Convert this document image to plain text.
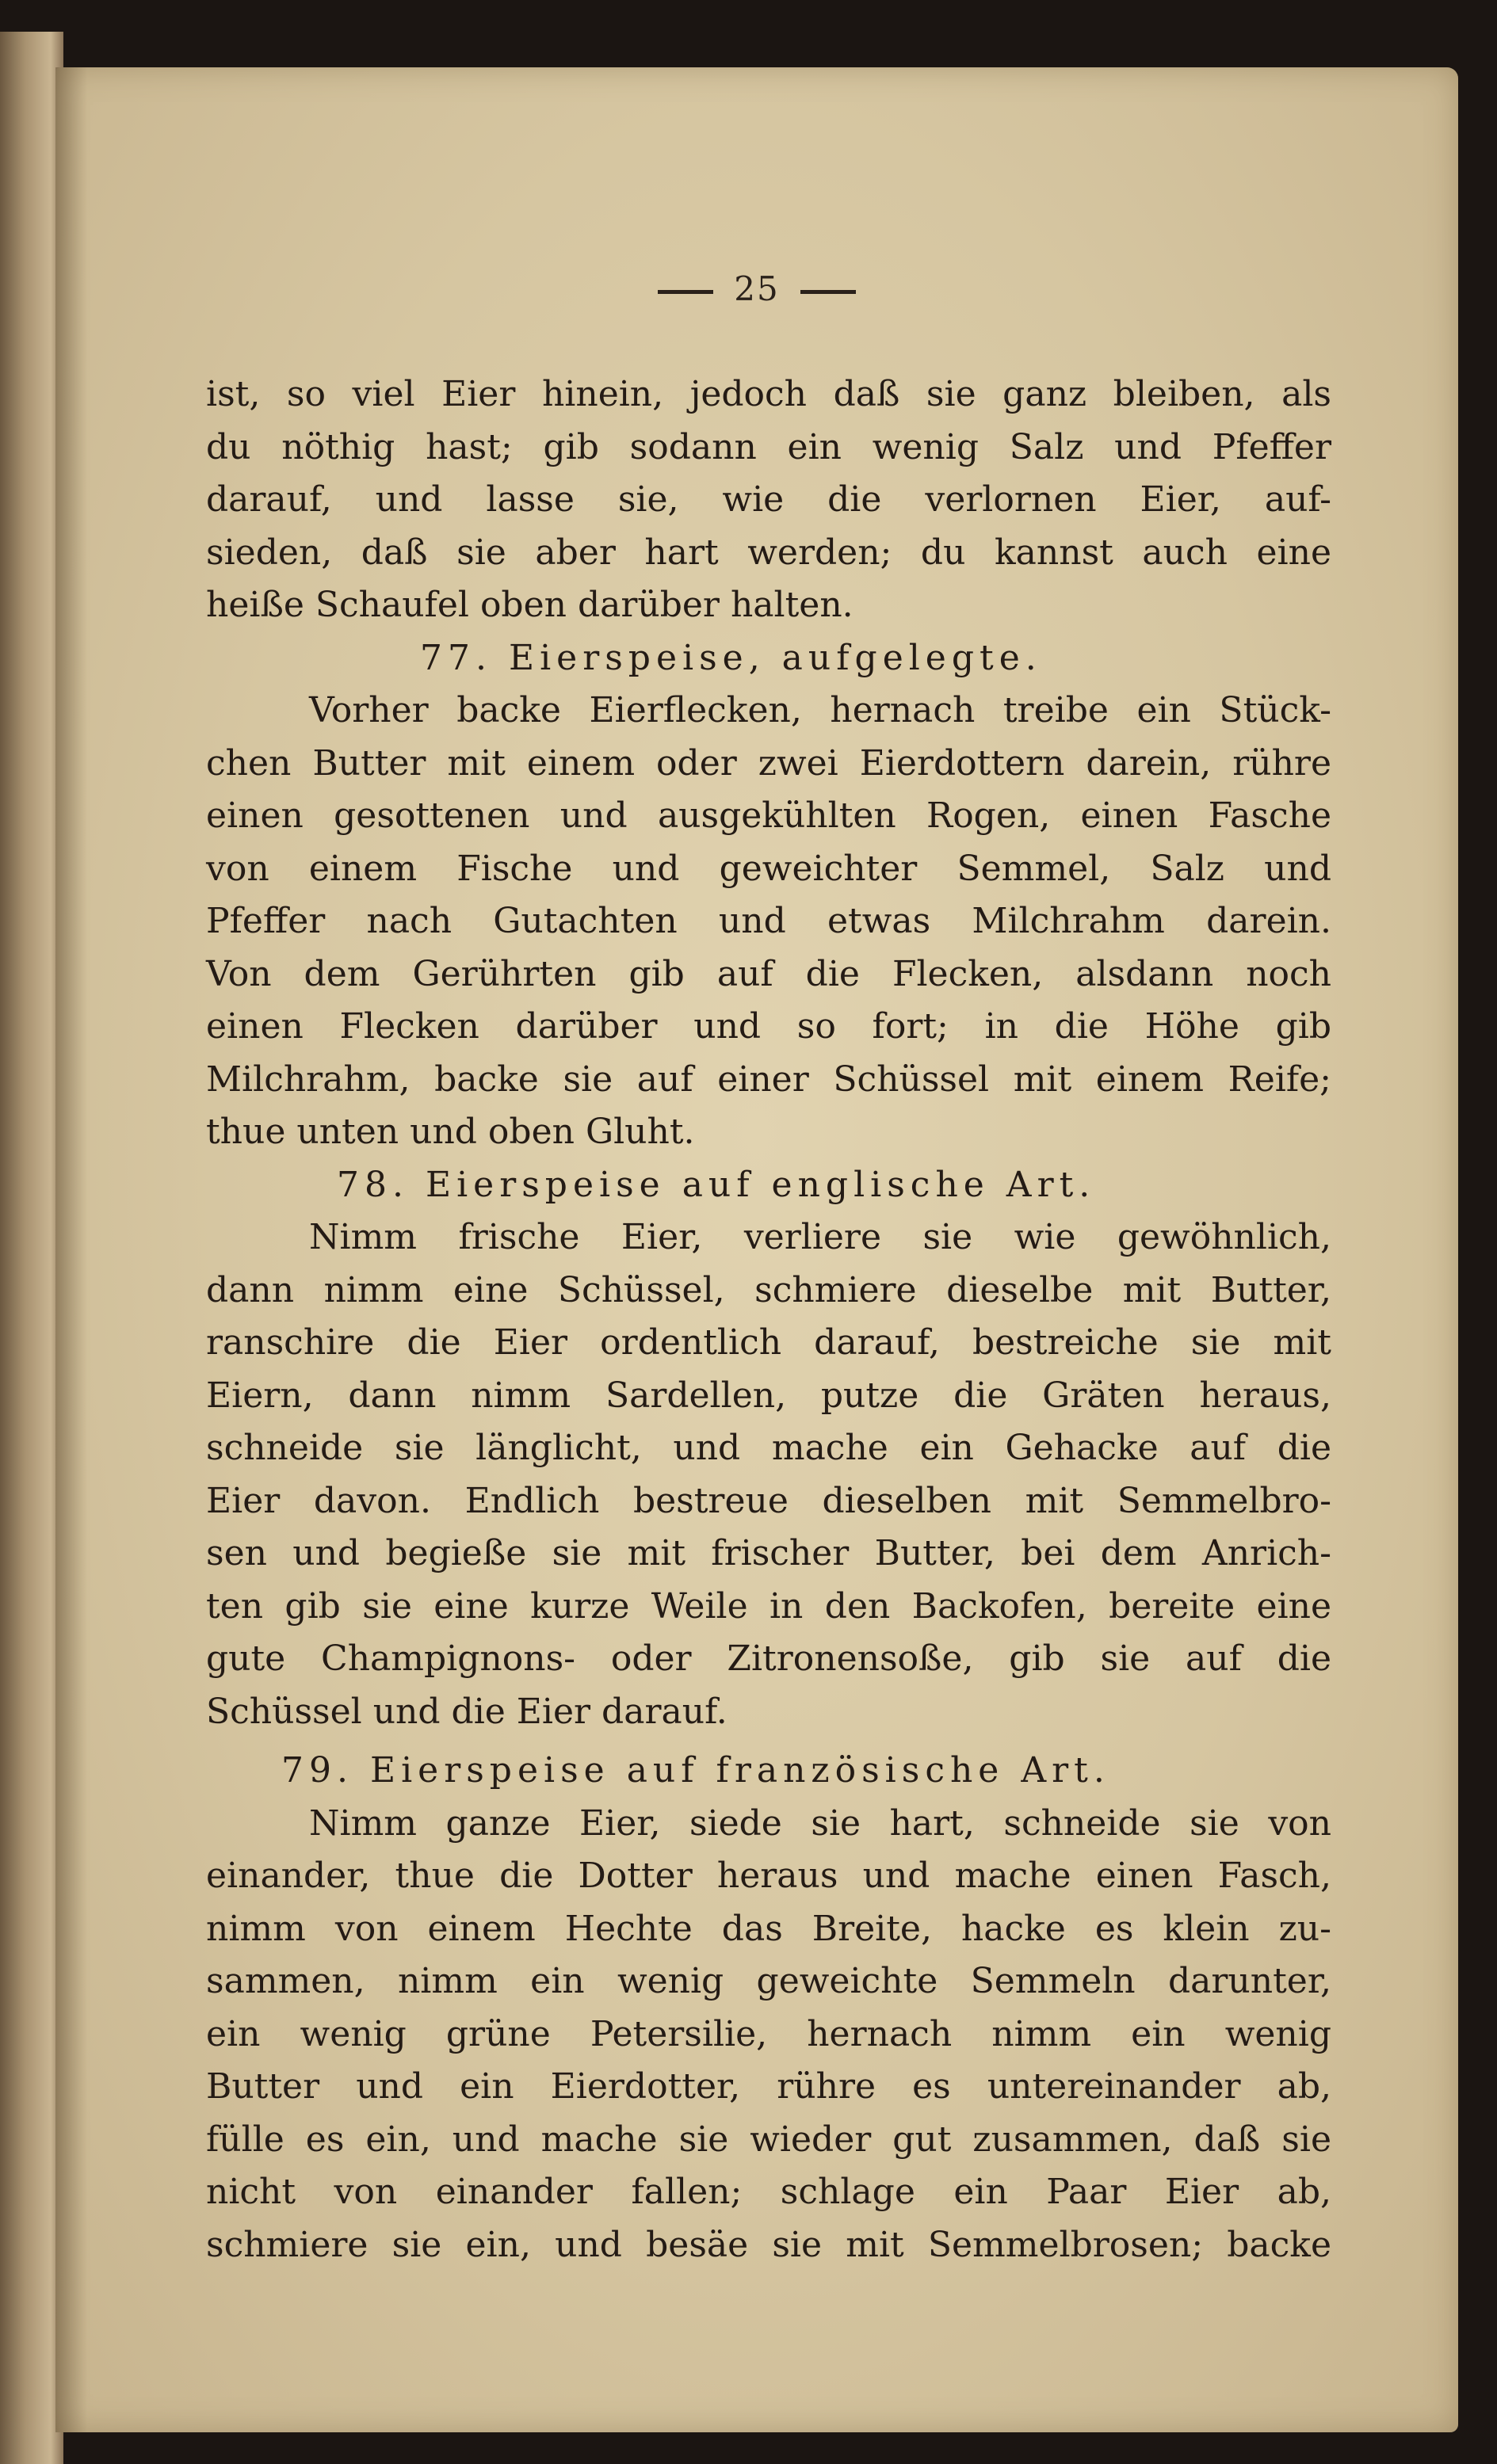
25
ist, so viel Eier hinein, jedoch daß sie ganz bleiben, als
du nöthig hast; gib sodann ein wenig Salz und Pfeffer
darauf, und lasse sie, wie die verlornen Eier, auf-
sieden, daß sie aber hart werden; du kannst auch eine
heiße Schaufel oben darüber halten.
77. Eierspeise, aufgelegte.
Vorher backe Eierflecken, hernach treibe ein Stück-
chen Butter mit einem oder zwei Eierdottern darein, rühre
einen gesottenen und ausgekühlten Rogen, einen Fasche
von einem Fische und geweichter Semmel, Salz und
Pfeffer nach Gutachten und etwas Milchrahm darein.
Von dem Gerührten gib auf die Flecken, alsdann noch
einen Flecken darüber und so fort; in die Höhe gib
Milchrahm, backe sie auf einer Schüssel mit einem Reife;
thue unten und oben Gluht.
78. Eierspeise auf englische Art.
Nimm frische Eier, verliere sie wie gewöhnlich,
dann nimm eine Schüssel, schmiere dieselbe mit Butter,
ranschire die Eier ordentlich darauf, bestreiche sie mit
Eiern, dann nimm Sardellen, putze die Gräten heraus,
schneide sie länglicht, und mache ein Gehacke auf die
Eier davon. Endlich bestreue dieselben mit Semmelbro-
sen und begieße sie mit frischer Butter, bei dem Anrich-
ten gib sie eine kurze Weile in den Backofen, bereite eine
gute Champignons- oder Zitronensoße, gib sie auf die
Schüssel und die Eier darauf.
79. Eierspeise auf französische Art.
Nimm ganze Eier, siede sie hart, schneide sie von
einander, thue die Dotter heraus und mache einen Fasch,
nimm von einem Hechte das Breite, hacke es klein zu-
sammen, nimm ein wenig geweichte Semmeln darunter,
ein wenig grüne Petersilie, hernach nimm ein wenig
Butter und ein Eierdotter, rühre es untereinander ab,
fülle es ein, und mache sie wieder gut zusammen, daß sie
nicht von einander fallen; schlage ein Paar Eier ab,
schmiere sie ein, und besäe sie mit Semmelbrosen; backe
